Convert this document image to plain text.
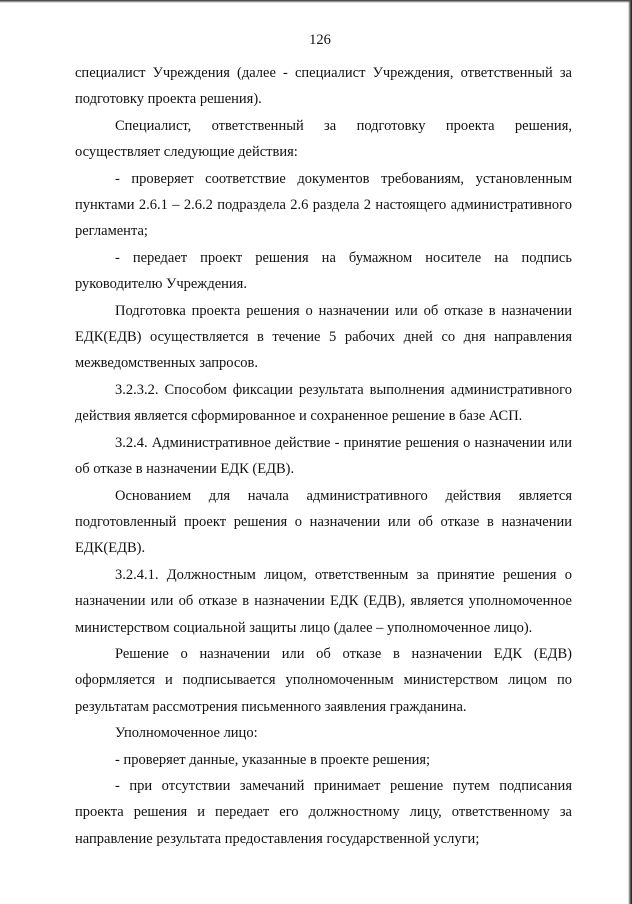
126

специалист Учреждения (далее - специалист Учреждения, ответственный за подготовку проекта решения).

Специалист, ответственный за подготовку проекта решения, осуществляет следующие действия:

- проверяет соответствие документов требованиям, установленным пунктами 2.6.1 – 2.6.2 подраздела 2.6 раздела 2 настоящего административного регламента;

- передает проект решения на бумажном носителе на подпись руководителю Учреждения.

Подготовка проекта решения о назначении или об отказе в назначении ЕДК(ЕДВ) осуществляется в течение 5 рабочих дней со дня направления межведомственных запросов.

3.2.3.2. Способом фиксации результата выполнения административного действия является сформированное и сохраненное решение в базе АСП.

3.2.4. Административное действие - принятие решения о назначении или об отказе в назначении ЕДК (ЕДВ).

Основанием для начала административного действия является подготовленный проект решения о назначении или об отказе в назначении ЕДК(ЕДВ).

3.2.4.1. Должностным лицом, ответственным за принятие решения о назначении или об отказе в назначении ЕДК (ЕДВ), является уполномоченное министерством социальной защиты лицо (далее – уполномоченное лицо).

Решение о назначении или об отказе в назначении ЕДК (ЕДВ) оформляется и подписывается уполномоченным министерством лицом по результатам рассмотрения письменного заявления гражданина.

Уполномоченное лицо:

- проверяет данные, указанные в проекте решения;

- при отсутствии замечаний принимает решение путем подписания проекта решения и передает его должностному лицу, ответственному за направление результата предоставления государственной услуги;
